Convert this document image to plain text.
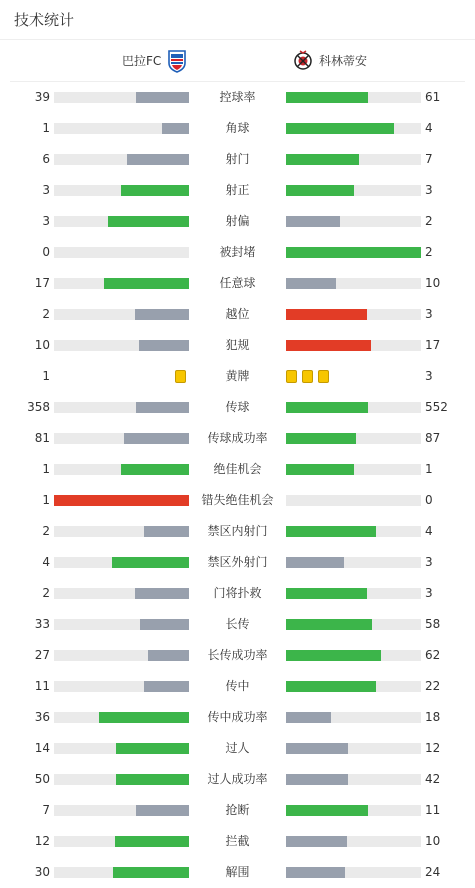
技术统计
巴拉FC	科林蒂安
39	控球率	61
1	角球	4
6	射门	7
3	射正	3
3	射偏	2
0	被封堵	2
17	任意球	10
2	越位	3
10	犯规	17
1	黄牌	3
358	传球	552
81	传球成功率	87
1	绝佳机会	1
1	错失绝佳机会	0
2	禁区内射门	4
4	禁区外射门	3
2	门将扑救	3
33	长传	58
27	长传成功率	62
11	传中	22
36	传中成功率	18
14	过人	12
50	过人成功率	42
7	抢断	11
12	拦截	10
30	解围	24
